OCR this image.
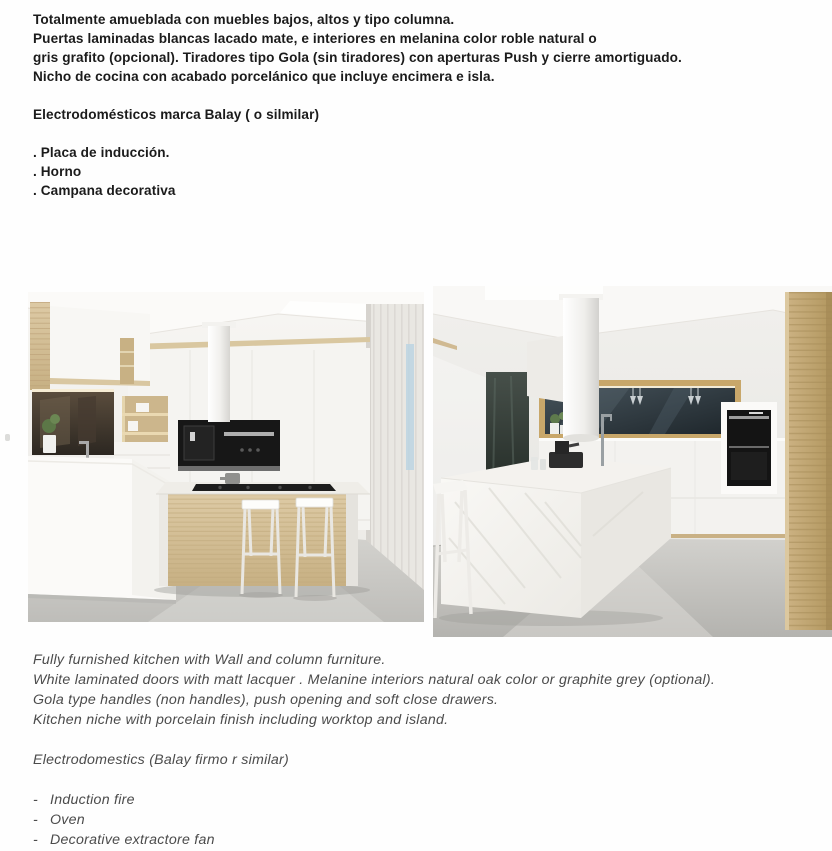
Totalmente amueblada con muebles bajos, altos y tipo columna.
Puertas laminadas blancas lacado mate, e interiores en melanina color roble natural o
gris grafito (opcional). Tiradores tipo Gola (sin tiradores) con aperturas Push y cierre amortiguado.
Nicho de cocina con acabado porcelánico que incluye encimera e isla.
Electrodomésticos marca Balay ( o silmilar)
. Placa de inducción.
. Horno
. Campana decorativa
Fully furnished kitchen with Wall and column furniture.
White laminated doors with matt lacquer . Melanine interiors natural oak color or graphite grey (optional).
Gola type handles (non handles), push opening and soft close drawers.
Kitchen niche with porcelain finish including worktop and island.
Electrodomestics (Balay firmo r similar)
- Induction fire
- Oven
- Decorative extractore fan
